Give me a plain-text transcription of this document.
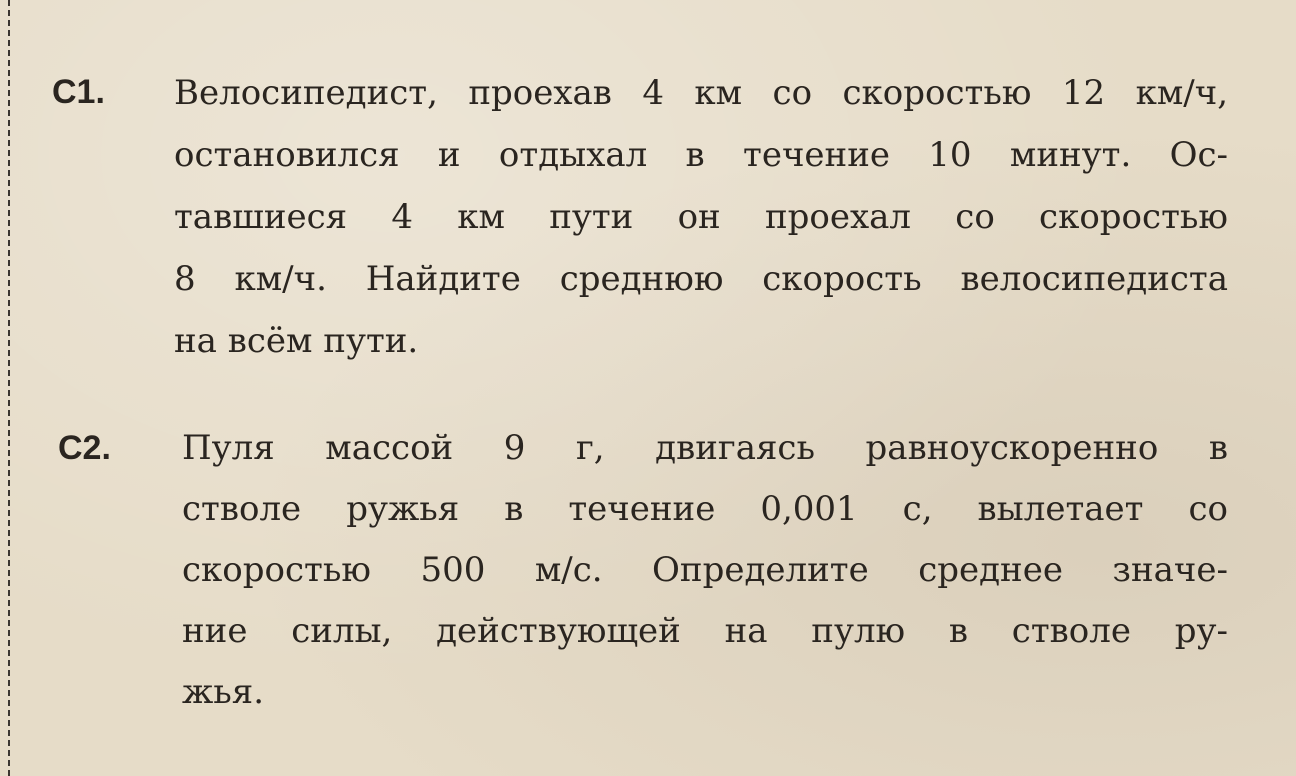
C1. Велосипедист, проехав 4 км со скоростью 12 км/ч,
остановился и отдыхал в течение 10 минут. Ос-
тавшиеся 4 км пути он проехал со скоростью
8 км/ч. Найдите среднюю скорость велосипедиста
на всём пути.
C2. Пуля массой 9 г, двигаясь равноускоренно в
стволе ружья в течение 0,001 с, вылетает со
скоростью 500 м/с. Определите среднее значе-
ние силы, действующей на пулю в стволе ру-
жья.
